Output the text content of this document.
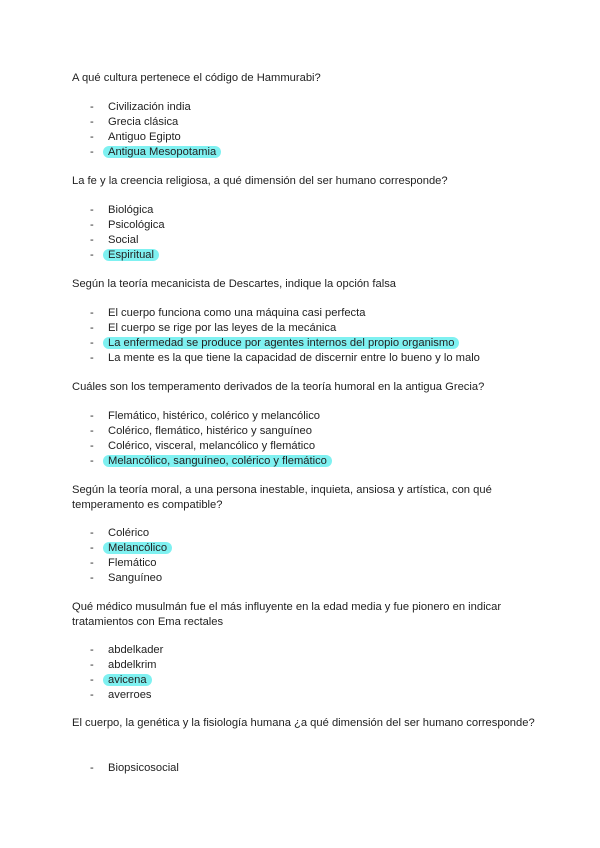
A qué cultura pertenece el código de Hammurabi?

- Civilización india
- Grecia clásica
- Antiguo Egipto
- Antigua Mesopotamia

La fe y la creencia religiosa, a qué dimensión del ser humano corresponde?

- Biológica
- Psicológica
- Social
- Espiritual

Según la teoría mecanicista de Descartes, indique la opción falsa

- El cuerpo funciona como una máquina casi perfecta
- El cuerpo se rige por las leyes de la mecánica
- La enfermedad se produce por agentes internos del propio organismo
- La mente es la que tiene la capacidad de discernir entre lo bueno y lo malo

Cuáles son los temperamento derivados de la teoría humoral en la antigua Grecia?

- Flemático, histérico, colérico y melancólico
- Colérico, flemático, histérico y sanguíneo
- Colérico, visceral, melancólico y flemático
- Melancólico, sanguíneo, colérico y flemático

Según la teoría moral, a una persona inestable, inquieta, ansiosa y artística, con qué temperamento es compatible?

- Colérico
- Melancólico
- Flemático
- Sanguíneo

Qué médico musulmán fue el más influyente en la edad media y fue pionero en indicar tratamientos con Ema rectales

- abdelkader
- abdelkrim
- avicena
- averroes

El cuerpo, la genética y la fisiología humana ¿a qué dimensión del ser humano corresponde?

- Biopsicosocial
